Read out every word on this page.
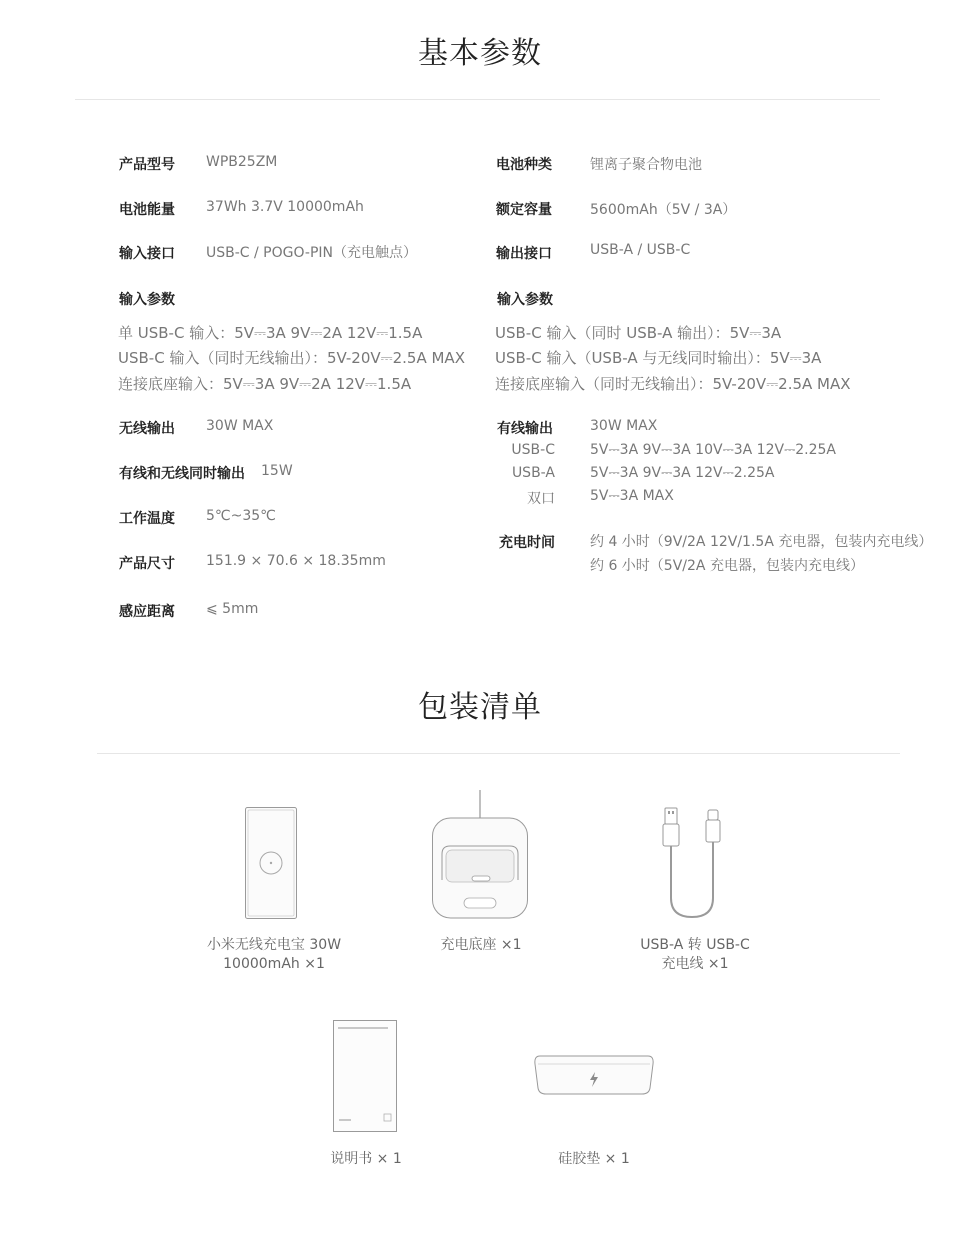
基本参数
产品型号 WPB25ZM
电池能量 37Wh 3.7V 10000mAh
输入接口 USB-C / POGO-PIN（充电触点）
输入参数
单 USB-C 输入：5V⎓3A 9V⎓2A 12V⎓1.5A
USB-C 输入（同时无线输出）：5V-20V⎓2.5A MAX
连接底座输入：5V⎓3A 9V⎓2A 12V⎓1.5A
无线输出 30W MAX
有线和无线同时输出 15W
工作温度 5℃~35℃
产品尺寸 151.9 × 70.6 × 18.35mm
感应距离 ⩽ 5mm
电池种类	锂离子聚合物电池
额定容量	5600mAh（5V / 3A）
输出接口	USB-A / USB-C
输入参数
USB-C 输入（同时 USB-A 输出）：5V⎓3A
USB-C 输入（USB-A 与无线同时输出）：5V⎓3A
连接底座输入（同时无线输出）：5V-20V⎓2.5A MAX
有线输出	30W MAX
USB-C	5V⎓3A 9V⎓3A 10V⎓3A 12V⎓2.25A
USB-A	5V⎓3A 9V⎓3A 12V⎓2.25A
双口	5V⎓3A MAX
充电时间	约 4 小时（9V/2A 12V/1.5A 充电器，包装内充电线）
约 6 小时（5V/2A 充电器，包装内充电线）
包装清单
小米无线充电宝 30W
10000mAh ×1
充电底座 ×1	USB-A 转 USB-C
充电线 ×1
说明书 × 1	硅胶垫 × 1
